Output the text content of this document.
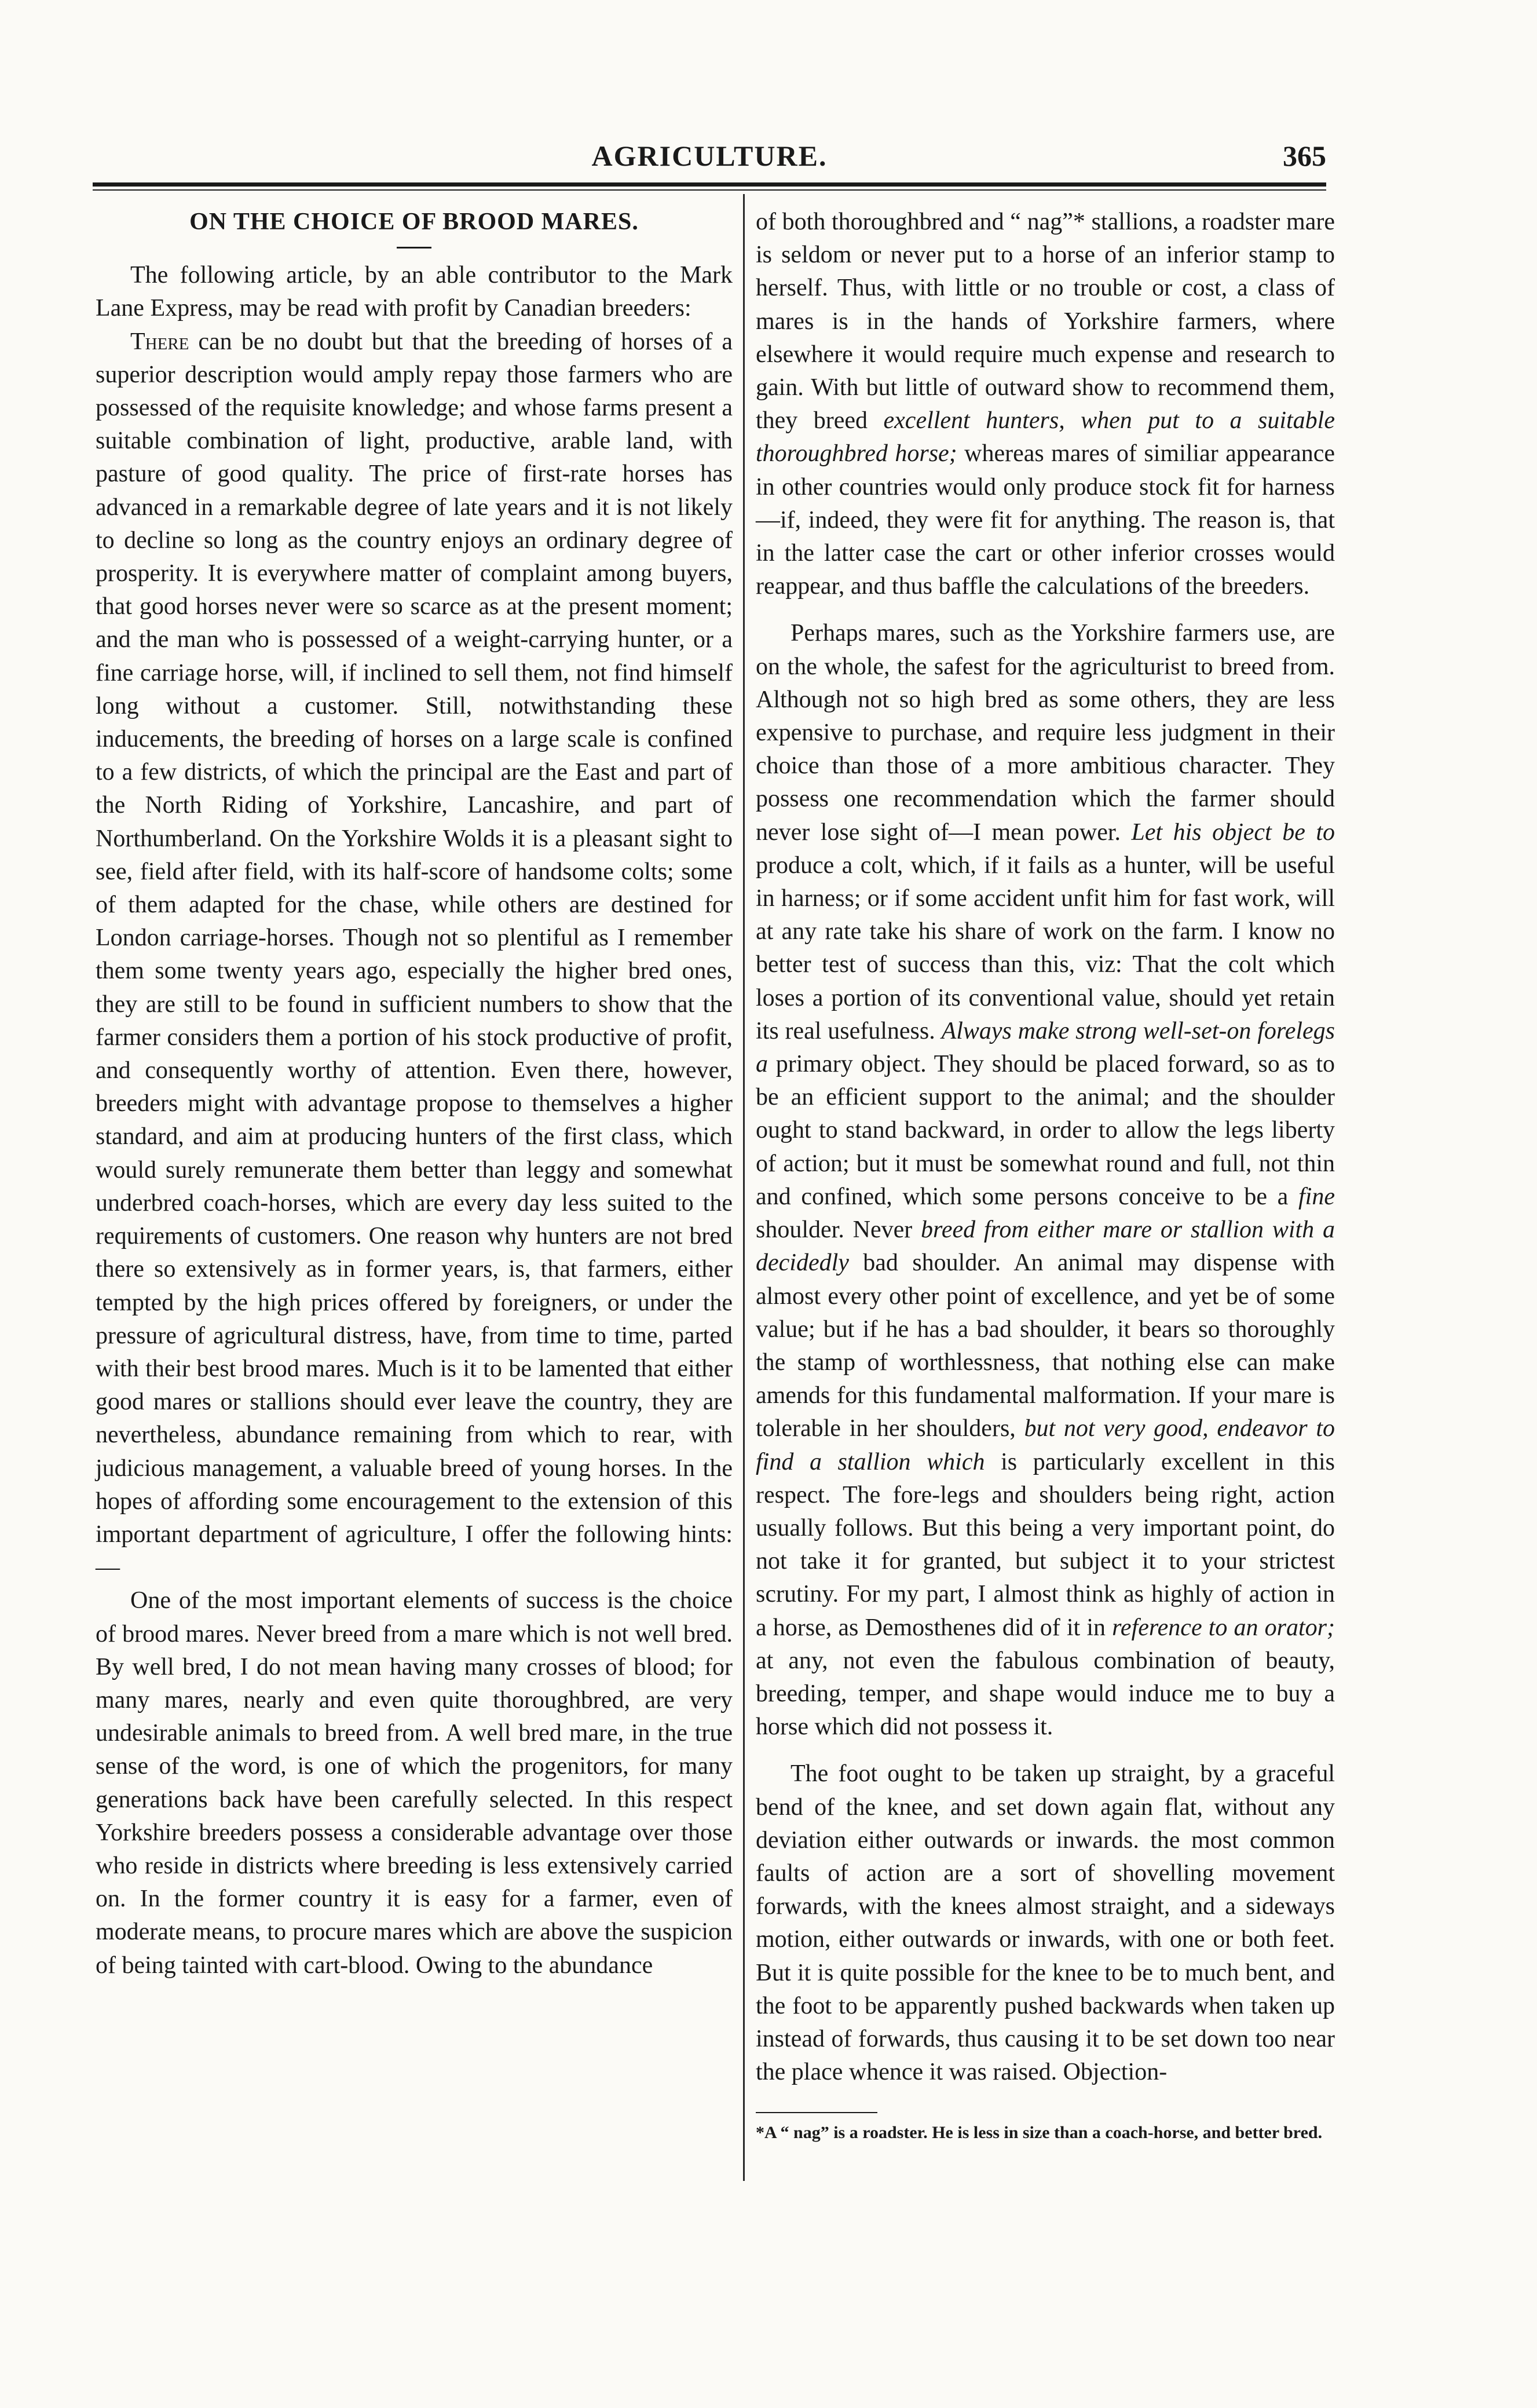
AGRICULTURE.	365

ON THE CHOICE OF BROOD MARES.

The following article, by an able contributor to the Mark Lane Express, may be read with profit by Canadian breeders:

There can be no doubt but that the breeding of horses of a superior description would amply repay those farmers who are possessed of the requisite knowledge; and whose farms present a suitable combination of light, productive, arable land, with pasture of good quality. The price of first-rate horses has advanced in a remarkable degree of late years and it is not likely to decline so long as the country enjoys an ordinary degree of prosperity. It is everywhere matter of complaint among buyers, that good horses never were so scarce as at the present moment; and the man who is possessed of a weight-carrying hunter, or a fine carriage horse, will, if inclined to sell them, not find himself long without a customer. Still, notwithstanding these inducements, the breeding of horses on a large scale is confined to a few districts, of which the principal are the East and part of the North Riding of Yorkshire, Lancashire, and part of Northumberland. On the Yorkshire Wolds it is a pleasant sight to see, field after field, with its half-score of handsome colts; some of them adapted for the chase, while others are destined for London carriage-horses. Though not so plentiful as I remember them some twenty years ago, especially the higher bred ones, they are still to be found in sufficient numbers to show that the farmer considers them a portion of his stock productive of profit, and consequently worthy of attention. Even there, however, breeders might with advantage propose to themselves a higher standard, and aim at producing hunters of the first class, which would surely remunerate them better than leggy and somewhat underbred coach-horses, which are every day less suited to the requirements of customers. One reason why hunters are not bred there so extensively as in former years, is, that farmers, either tempted by the high prices offered by foreigners, or under the pressure of agricultural distress, have, from time to time, parted with their best brood mares. Much is it to be lamented that either good mares or stallions should ever leave the country, they are nevertheless, abundance remaining from which to rear, with judicious management, a valuable breed of young horses. In the hopes of affording some encouragement to the extension of this important department of agriculture, I offer the following hints:—

One of the most important elements of success is the choice of brood mares. Never breed from a mare which is not well bred. By well bred, I do not mean having many crosses of blood; for many mares, nearly and even quite thoroughbred, are very undesirable animals to breed from. A well bred mare, in the true sense of the word, is one of which the progenitors, for many generations back have been carefully selected. In this respect Yorkshire breeders possess a considerable advantage over those who reside in districts where breeding is less extensively carried on. In the former country it is easy for a farmer, even of moderate means, to procure mares which are above the suspicion of being tainted with cart-blood. Owing to the abundance

of both thoroughbred and “ nag”* stallions, a roadster mare is seldom or never put to a horse of an inferior stamp to herself. Thus, with little or no trouble or cost, a class of mares is in the hands of Yorkshire farmers, where elsewhere it would require much expense and research to gain. With but little of outward show to recommend them, they breed excellent hunters, when put to a suitable thoroughbred horse; whereas mares of similiar appearance in other countries would only produce stock fit for harness—if, indeed, they were fit for anything. The reason is, that in the latter case the cart or other inferior crosses would reappear, and thus baffle the calculations of the breeders.

Perhaps mares, such as the Yorkshire farmers use, are on the whole, the safest for the agriculturist to breed from. Although not so high bred as some others, they are less expensive to purchase, and require less judgment in their choice than those of a more ambitious character. They possess one recommendation which the farmer should never lose sight of—I mean power. Let his object be to produce a colt, which, if it fails as a hunter, will be useful in harness; or if some accident unfit him for fast work, will at any rate take his share of work on the farm. I know no better test of success than this, viz: That the colt which loses a portion of its conventional value, should yet retain its real usefulness. Always make strong well-set-on forelegs a primary object. They should be placed forward, so as to be an efficient support to the animal; and the shoulder ought to stand backward, in order to allow the legs liberty of action; but it must be somewhat round and full, not thin and confined, which some persons conceive to be a fine shoulder. Never breed from either mare or stallion with a decidedly bad shoulder. An animal may dispense with almost every other point of excellence, and yet be of some value; but if he has a bad shoulder, it bears so thoroughly the stamp of worthlessness, that nothing else can make amends for this fundamental malformation. If your mare is tolerable in her shoulders, but not very good, endeavor to find a stallion which is particularly excellent in this respect. The fore-legs and shoulders being right, action usually follows. But this being a very important point, do not take it for granted, but subject it to your strictest scrutiny. For my part, I almost think as highly of action in a horse, as Demosthenes did of it in reference to an orator; at any, not even the fabulous combination of beauty, breeding, temper, and shape would induce me to buy a horse which did not possess it.

The foot ought to be taken up straight, by a graceful bend of the knee, and set down again flat, without any deviation either outwards or inwards. the most common faults of action are a sort of shovelling movement forwards, with the knees almost straight, and a sideways motion, either outwards or inwards, with one or both feet. But it is quite possible for the knee to be to much bent, and the foot to be apparently pushed backwards when taken up instead of forwards, thus causing it to be set down too near the place whence it was raised. Objection-

*A “ nag” is a roadster. He is less in size than a coach-horse, and better bred.
